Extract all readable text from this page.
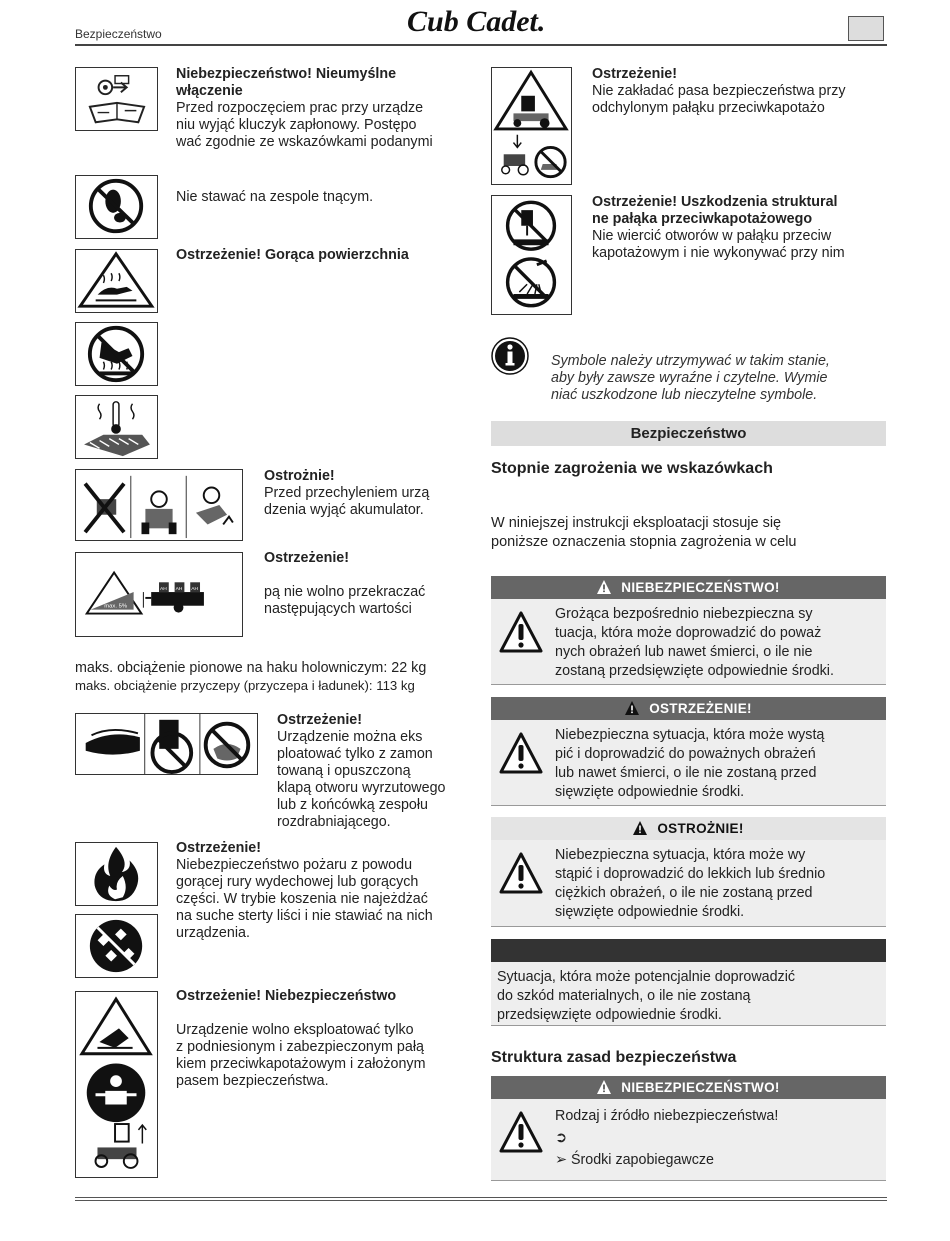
Bezpieczeństwo	Cub Cadet.
Niebezpieczeństwo! Nieumyślne
włączenie
Przed rozpoczęciem prac przy urządze
niu wyjąć kluczyk zapłonowy. Postępo
wać zgodnie ze wskazówkami podanymi
Nie stawać na zespole tnącym.
Ostrzeżenie! Gorąca powierzchnia
Ostrożnie!
Przed przechyleniem urzą
dzenia wyjąć akumulator.
max. 5%
AH AH AH
Ostrzeżenie!
pą nie wolno przekraczać
następujących wartości
maks. obciążenie pionowe na haku holowniczym: 22 kg
maks. obciążenie przyczepy (przyczepa i ładunek): 113 kg
Ostrzeżenie!
Urządzenie można eks
ploatować tylko z zamon
towaną i opuszczoną
klapą otworu wyrzutowego
lub z końcówką zespołu
rozdrabniającego.
Ostrzeżenie!
Niebezpieczeństwo pożaru z powodu
gorącej rury wydechowej lub gorących
części. W trybie koszenia nie najeżdżać
na suche sterty liści i nie stawiać na nich
urządzenia.
Ostrzeżenie! Niebezpieczeństwo
Urządzenie wolno eksploatować tylko
z podniesionym i zabezpieczonym pałą
kiem przeciwkapotażowym i założonym
pasem bezpieczeństwa.
Ostrzeżenie!
Nie zakładać pasa bezpieczeństwa przy
odchylonym pałąku przeciwkapotażo
Ostrzeżenie! Uszkodzenia struktural
ne pałąka przeciwkapotażowego
Nie wiercić otworów w pałąku przeciw
kapotażowym i nie wykonywać przy nim
Symbole należy utrzymywać w takim stanie,
aby były zawsze wyraźne i czytelne. Wymie
niać uszkodzone lub nieczytelne symbole.
Bezpieczeństwo
Stopnie zagrożenia we wskazówkach
W niniejszej instrukcji eksploatacji stosuje się
poniższe oznaczenia stopnia zagrożenia w celu
NIEBEZPIECZEŃSTWO!
Grożąca bezpośrednio niebezpieczna sy
tuacja, która może doprowadzić do poważ
nych obrażeń lub nawet śmierci, o ile nie
zostaną przedsięwzięte odpowiednie środki.
OSTRZEŻENIE!
Niebezpieczna sytuacja, która może wystą
pić i doprowadzić do poważnych obrażeń
lub nawet śmierci, o ile nie zostaną przed
sięwzięte odpowiednie środki.
OSTROŻNIE!
Niebezpieczna sytuacja, która może wy
stąpić i doprowadzić do lekkich lub średnio
ciężkich obrażeń, o ile nie zostaną przed
sięwzięte odpowiednie środki.
Sytuacja, która może potencjalnie doprowadzić
do szkód materialnych, o ile nie zostaną
przedsięwzięte odpowiednie środki.
Struktura zasad bezpieczeństwa
NIEBEZPIECZEŃSTWO!
Rodzaj i źródło niebezpieczeństwa!
➲
➢ Środki zapobiegawcze
